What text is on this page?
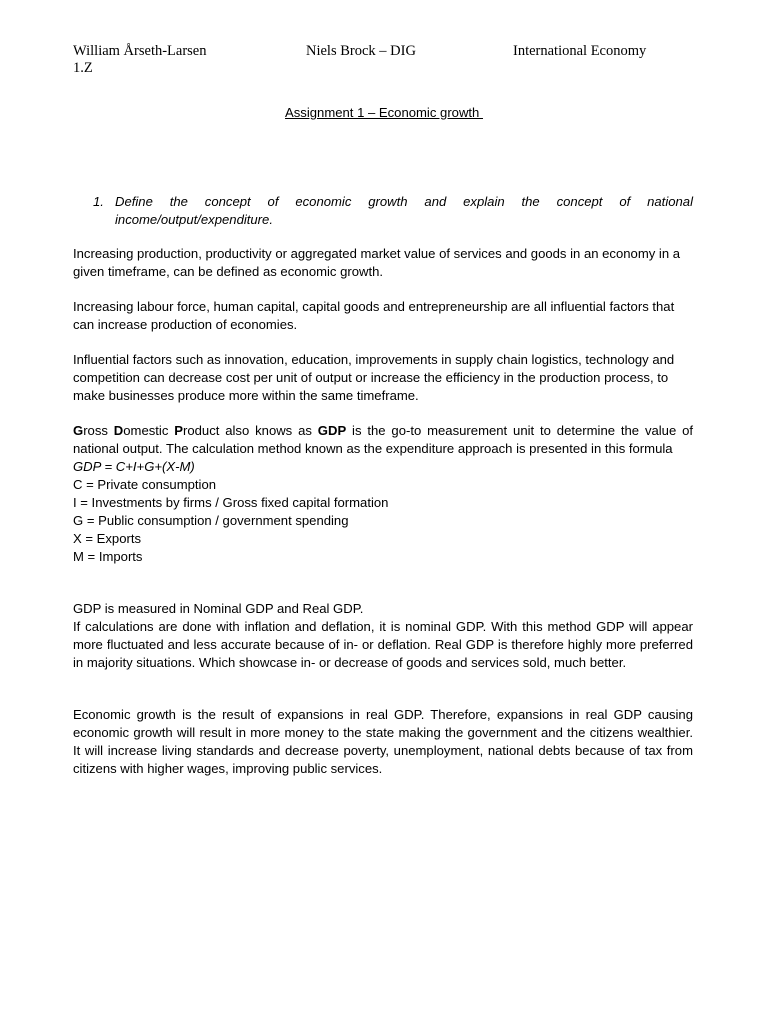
William Årseth-Larsen	Niels Brock – DIG	International Economy
1.Z
Assignment 1 – Economic growth
1. Define the concept of economic growth and explain the concept of national income/output/expenditure.
Increasing production, productivity or aggregated market value of services and goods in an economy in a given timeframe, can be defined as economic growth.
Increasing labour force, human capital, capital goods and entrepreneurship are all influential factors that can increase production of economies.
Influential factors such as innovation, education, improvements in supply chain logistics, technology and competition can decrease cost per unit of output or increase the efficiency in the production process, to make businesses produce more within the same timeframe.
Gross Domestic Product also knows as GDP is the go-to measurement unit to determine the value of national output. The calculation method known as the expenditure approach is presented in this formula
GDP = C+I+G+(X-M)
C = Private consumption
I = Investments by firms / Gross fixed capital formation
G = Public consumption / government spending
X = Exports
M = Imports
GDP is measured in Nominal GDP and Real GDP.
If calculations are done with inflation and deflation, it is nominal GDP. With this method GDP will appear more fluctuated and less accurate because of in- or deflation. Real GDP is therefore highly more preferred in majority situations. Which showcase in- or decrease of goods and services sold, much better.
Economic growth is the result of expansions in real GDP. Therefore, expansions in real GDP causing economic growth will result in more money to the state making the government and the citizens wealthier. It will increase living standards and decrease poverty, unemployment, national debts because of tax from citizens with higher wages, improving public services.
